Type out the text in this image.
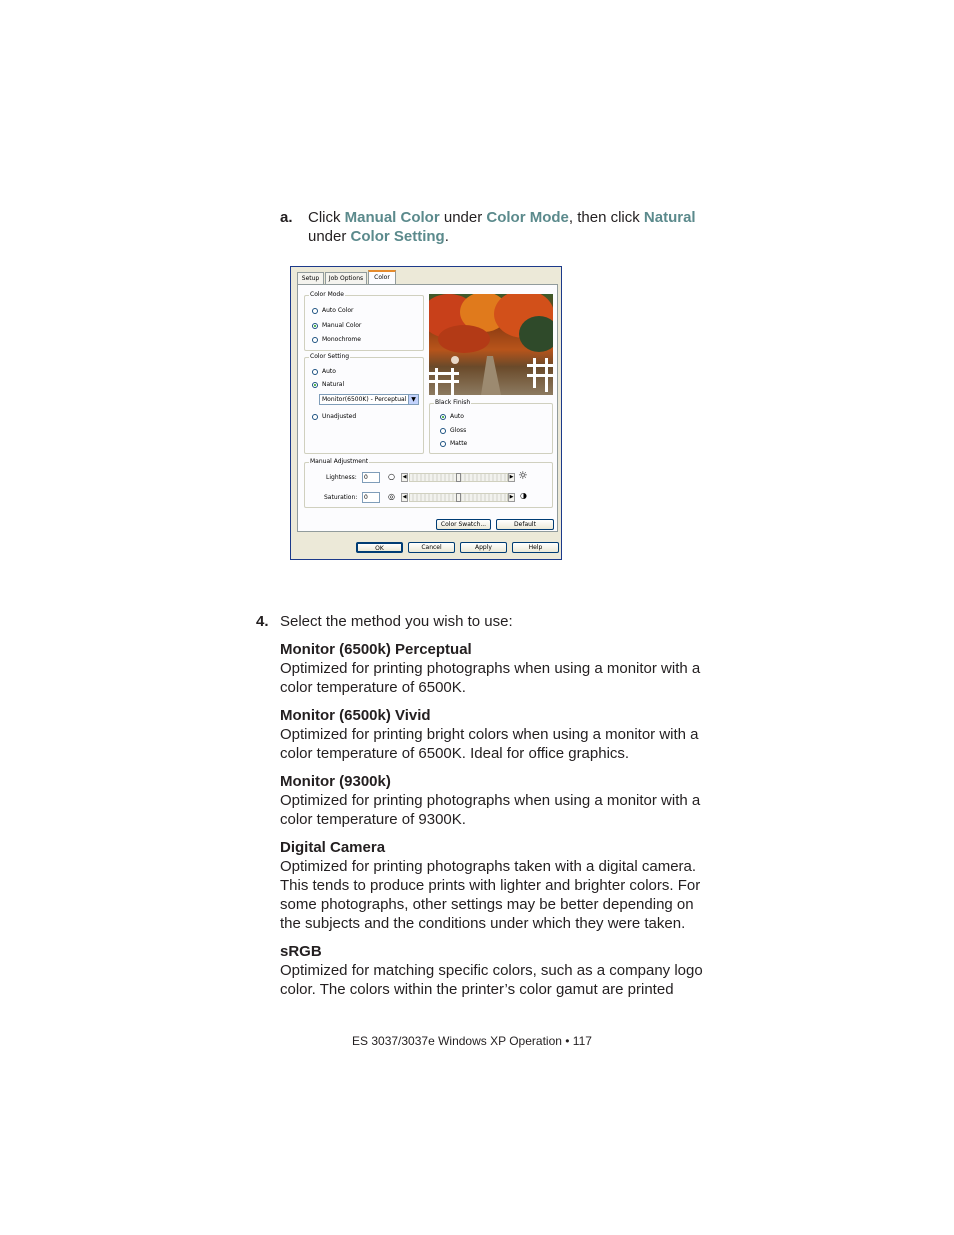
a. Click Manual Color under Color Mode, then click Natural
under Color Setting.
Setup	Job Options	Color
Color Mode
Auto Color
Manual Color
Monochrome
Color Setting
Auto
Natural
Monitor(6500K) - Perceptual ▼
Unadjusted
Black Finish
Auto
Gloss
Matte
Manual Adjustment
Lightness:	0	○	◀	▶ ☼
Saturation:	0	◎	◀	▶ ◑
Color Swatch...	Default
OK	Cancel	Apply	Help
4. Select the method you wish to use:
Monitor (6500k) Perceptual
Optimized for printing photographs when using a monitor with a
color temperature of 6500K.
Monitor (6500k) Vivid
Optimized for printing bright colors when using a monitor with a
color temperature of 6500K. Ideal for office graphics.
Monitor (9300k)
Optimized for printing photographs when using a monitor with a
color temperature of 9300K.
Digital Camera
Optimized for printing photographs taken with a digital camera.
This tends to produce prints with lighter and brighter colors. For
some photographs, other settings may be better depending on
the subjects and the conditions under which they were taken.
sRGB
Optimized for matching specific colors, such as a company logo
color. The colors within the printer’s color gamut are printed
ES 3037/3037e Windows XP Operation • 117
